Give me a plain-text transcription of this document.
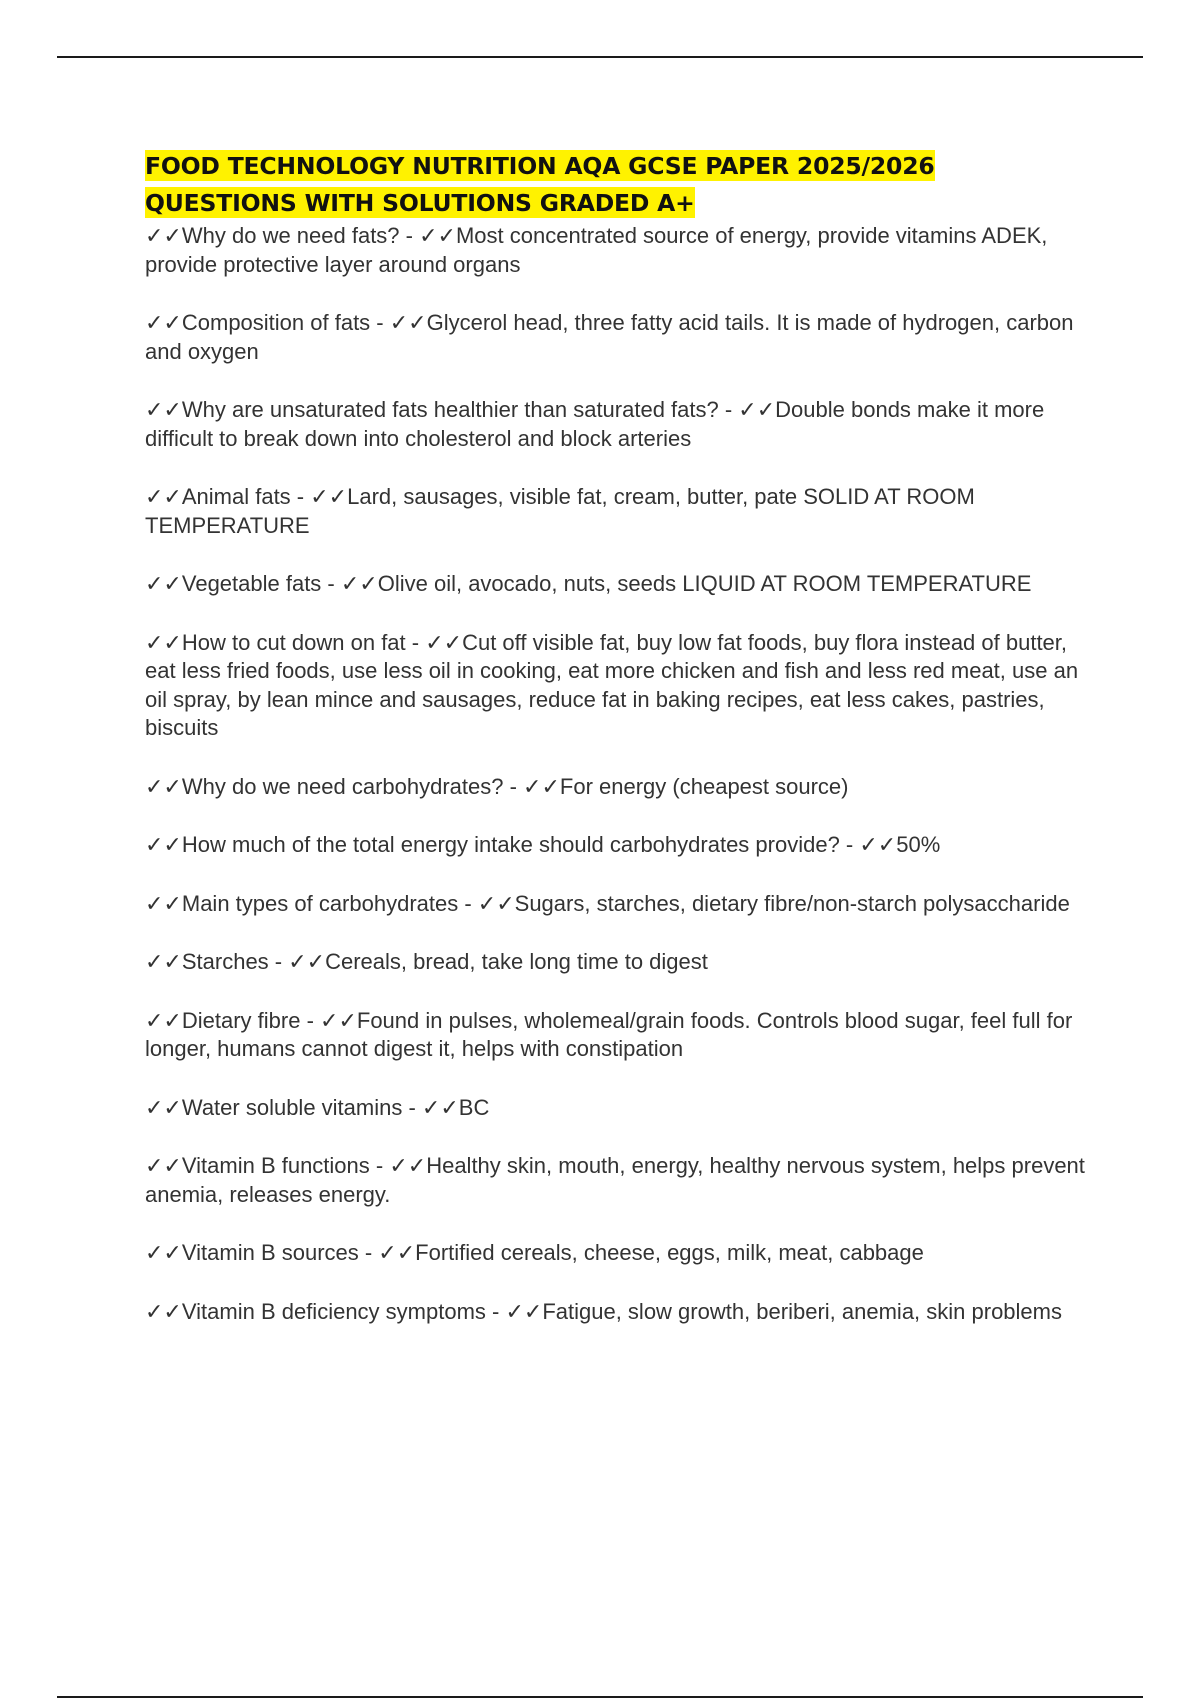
FOOD TECHNOLOGY NUTRITION AQA GCSE PAPER 2025/2026
QUESTIONS WITH SOLUTIONS GRADED A+
✓✓Why do we need fats? - ✓✓Most concentrated source of energy, provide vitamins ADEK, provide protective layer around organs
✓✓Composition of fats - ✓✓Glycerol head, three fatty acid tails. It is made of hydrogen, carbon and oxygen
✓✓Why are unsaturated fats healthier than saturated fats? - ✓✓Double bonds make it more difficult to break down into cholesterol and block arteries
✓✓Animal fats - ✓✓Lard, sausages, visible fat, cream, butter, pate SOLID AT ROOM TEMPERATURE
✓✓Vegetable fats - ✓✓Olive oil, avocado, nuts, seeds LIQUID AT ROOM TEMPERATURE
✓✓How to cut down on fat - ✓✓Cut off visible fat, buy low fat foods, buy flora instead of butter, eat less fried foods, use less oil in cooking, eat more chicken and fish and less red meat, use an oil spray, by lean mince and sausages, reduce fat in baking recipes, eat less cakes, pastries, biscuits
✓✓Why do we need carbohydrates? - ✓✓For energy (cheapest source)
✓✓How much of the total energy intake should carbohydrates provide? - ✓✓50%
✓✓Main types of carbohydrates - ✓✓Sugars, starches, dietary fibre/non-starch polysaccharide
✓✓Starches - ✓✓Cereals, bread, take long time to digest
✓✓Dietary fibre - ✓✓Found in pulses, wholemeal/grain foods. Controls blood sugar, feel full for longer, humans cannot digest it, helps with constipation
✓✓Water soluble vitamins - ✓✓BC
✓✓Vitamin B functions - ✓✓Healthy skin, mouth, energy, healthy nervous system, helps prevent anemia, releases energy.
✓✓Vitamin B sources - ✓✓Fortified cereals, cheese, eggs, milk, meat, cabbage
✓✓Vitamin B deficiency symptoms - ✓✓Fatigue, slow growth, beriberi, anemia, skin problems
